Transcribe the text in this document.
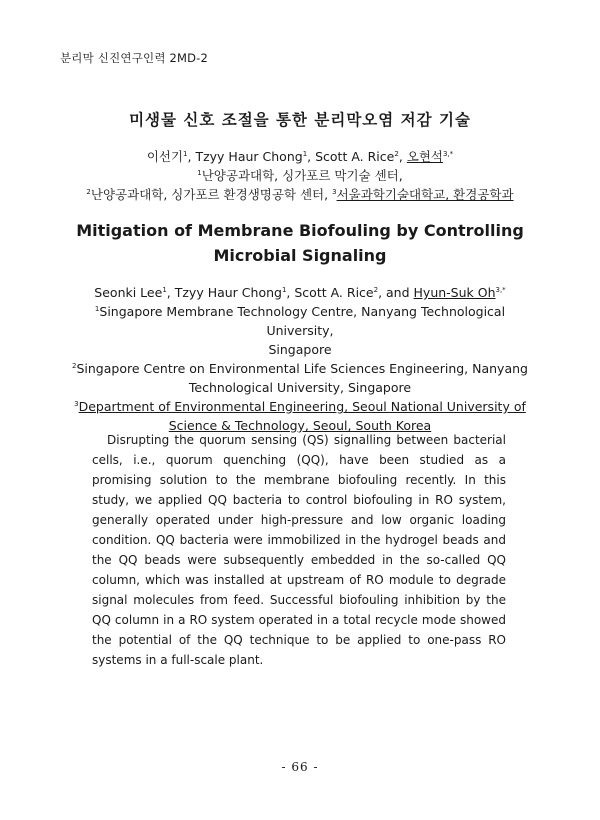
분리막 신진연구인력 2MD-2
미생물 신호 조절을 통한 분리막오염 저감 기술
이선기$^1$, Tzyy Haur Chong$^1$, Scott A. Rice$^2$, 오현석$^{3,*}$
$^1$난양공과대학, 싱가포르 막기술 센터,
$^2$난양공과대학, 싱가포르 환경생명공학 센터, $^3$서울과학기술대학교, 환경공학과
Mitigation of Membrane Biofouling by Controlling
Microbial Signaling
Seonki Lee$^1$, Tzyy Haur Chong$^1$, Scott A. Rice$^2$, and Hyun-Suk $Oh^{3,*}$
$^1$Singapore Membrane Technology Centre, Nanyang Technological University,
Singapore
$^2$Singapore Centre on Environmental Life Sciences Engineering, Nanyang
Technological University, Singapore
$^3$Department of Environmental Engineering, Seoul National University of
Science & Technology, Seoul, South Korea
Disrupting the quorum sensing (QS) signalling between bacterial cells, i.e., quorum quenching (QQ), have been studied as a promising solution to the membrane biofouling recently. In this study, we applied QQ bacteria to control biofouling in RO system, generally operated under high-pressure and low organic loading condition. QQ bacteria were immobilized in the hydrogel beads and the QQ beads were subsequently embedded in the so-called QQ column, which was installed at upstream of RO module to degrade signal molecules from feed. Successful biofouling inhibition by the QQ column in a RO system operated in a total recycle mode showed the potential of the QQ technique to be applied to one-pass RO systems in a full-scale plant.
- 66 -
